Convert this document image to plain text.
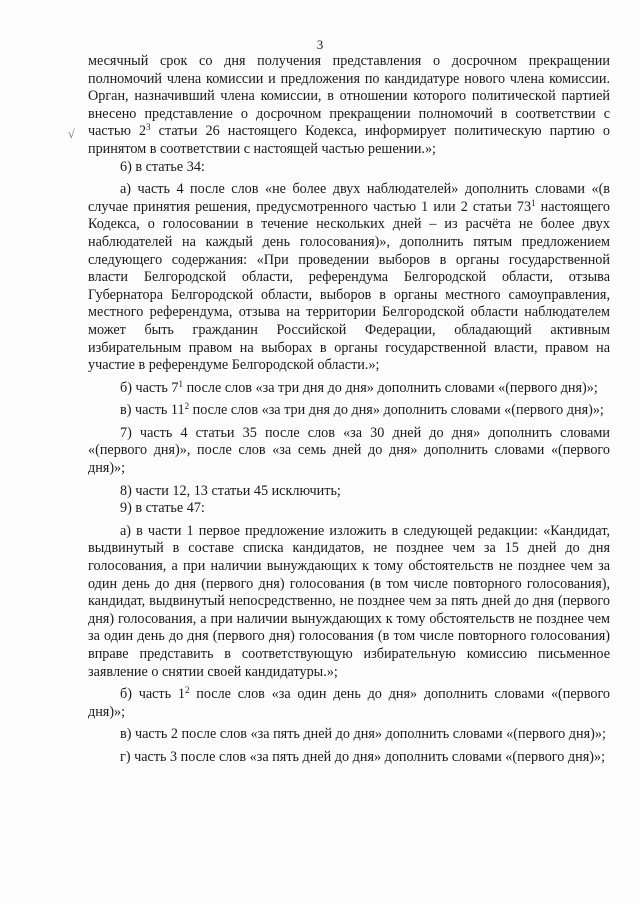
3
√

месячный срок со дня получения представления о досрочном прекращении полномочий члена комиссии и предложения по кандидатуре нового члена комиссии. Орган, назначивший члена комиссии, в отношении которого политической партией внесено представление о досрочном прекращении полномочий в соответствии с частью $2^3$ статьи 26 настоящего Кодекса, информирует политическую партию о принятом в соответствии с настоящей частью решении.»;

6) в статье 34:

а) часть 4 после слов «не более двух наблюдателей» дополнить словами «(в случае принятия решения, предусмотренного частью 1 или 2 статьи $73^1$ настоящего Кодекса, о голосовании в течение нескольких дней – из расчёта не более двух наблюдателей на каждый день голосования)», дополнить пятым предложением следующего содержания: «При проведении выборов в органы государственной власти Белгородской области, референдума Белгородской области, отзыва Губернатора Белгородской области, выборов в органы местного самоуправления, местного референдума, отзыва на территории Белгородской области наблюдателем может быть гражданин Российской Федерации, обладающий активным избирательным правом на выборах в органы государственной власти, правом на участие в референдуме Белгородской области.»;

б) часть $7^1$ после слов «за три дня до дня» дополнить словами «(первого дня)»;

в) часть $11^2$ после слов «за три дня до дня» дополнить словами «(первого дня)»;

7) часть 4 статьи 35 после слов «за 30 дней до дня» дополнить словами «(первого дня)», после слов «за семь дней до дня» дополнить словами «(первого дня)»;

8) части 12, 13 статьи 45 исключить;

9) в статье 47:

а) в части 1 первое предложение изложить в следующей редакции: «Кандидат, выдвинутый в составе списка кандидатов, не позднее чем за 15 дней до дня голосования, а при наличии вынуждающих к тому обстоятельств не позднее чем за один день до дня (первого дня) голосования (в том числе повторного голосования), кандидат, выдвинутый непосредственно, не позднее чем за пять дней до дня (первого дня) голосования, а при наличии вынуждающих к тому обстоятельств не позднее чем за один день до дня (первого дня) голосования (в том числе повторного голосования) вправе представить в соответствующую избирательную комиссию письменное заявление о снятии своей кандидатуры.»;

б) часть $1^2$ после слов «за один день до дня» дополнить словами «(первого дня)»;

в) часть 2 после слов «за пять дней до дня» дополнить словами «(первого дня)»;

г) часть 3 после слов «за пять дней до дня» дополнить словами «(первого дня)»;
